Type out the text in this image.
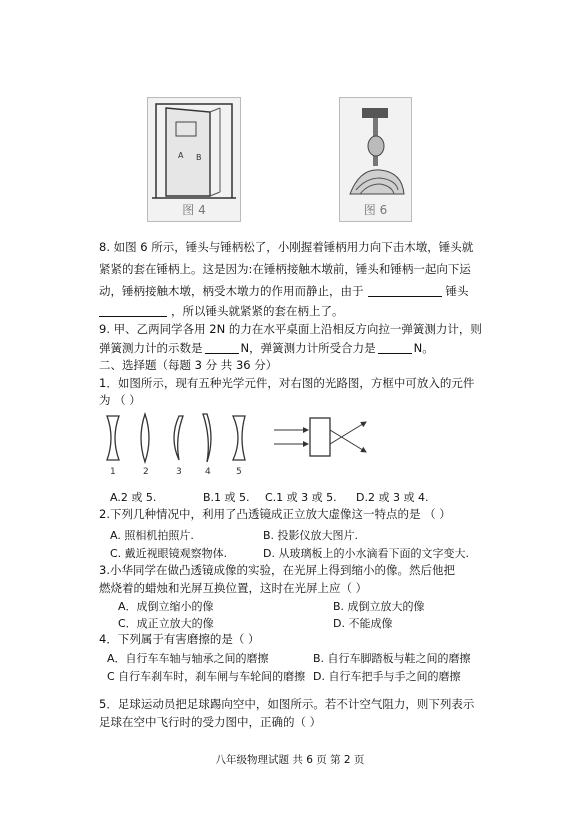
A B
图 4	图 6
8. 如图 6 所示，锤头与锤柄松了，小刚握着锤柄用力向下击木墩，锤头就
紧紧的套在锤柄上。这是因为:在锤柄接触木墩前，锤头和锤柄一起向下运
动，锤柄接触木墩，柄受木墩力的作用而静止，由于	锤头
，所以锤头就紧紧的套在柄上了。
9. 甲、乙两同学各用 2N 的力在水平桌面上沿相反方向拉一弹簧测力计，则
弹簧测力计的示数是	N，弹簧测力计所受合力是	N。
二、选择题（每题 3 分 共 36 分）
1．如图所示，现有五种光学元件，对右图的光路图，方框中可放入的元件
为 （ ）
1	2	3	4	5
A.2 或 5.	B.1 或 5. C.1 或 3 或 5. D.2 或 3 或 4.
2.下列几种情况中，利用了凸透镜成正立放大虚像这一特点的是 （ ）
A. 照相机拍照片.	B. 投影仪放大图片.
C. 戴近视眼镜观察物体.	D. 从玻璃板上的小水滴看下面的文字变大.
3.小华同学在做凸透镜成像的实验，在光屏上得到缩小的像。然后他把
燃烧着的蜡烛和光屏互换位置，这时在光屏上应（ ）
A．成倒立缩小的像	B. 成倒立放大的像
C．成正立放大的像	D. 不能成像
4．下列属于有害磨擦的是（ ）
A．自行车车轴与轴承之间的磨擦	B. 自行车脚踏板与鞋之间的磨擦
C 自行车刹车时，刹车闸与车轮间的磨擦 D. 自行车把手与手之间的磨擦
5．足球运动员把足球踢向空中，如图所示。若不计空气阻力，则下列表示
足球在空中飞行时的受力图中，正确的（ ）
八年级物理试题 共 6 页 第 2 页
